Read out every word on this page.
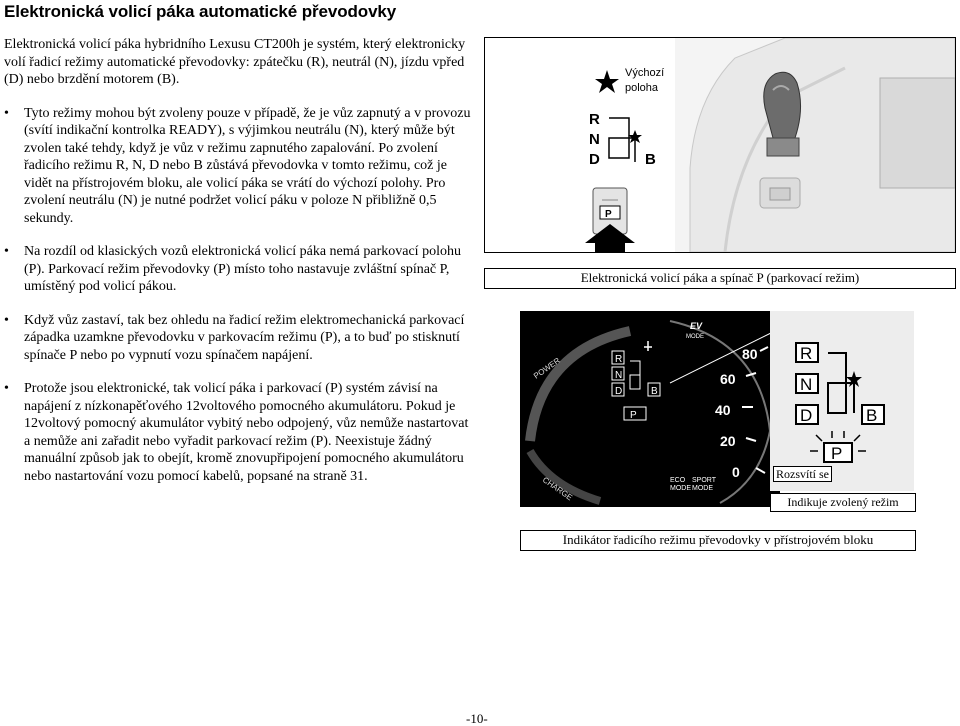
Elektronická volicí páka automatické převodovky

Elektronická volicí páka hybridního Lexusu CT200h je systém, který elektronicky volí řadicí režimy automatické převodovky: zpátečku (R), neutrál (N), jízdu vpřed (D) nebo brzdění motorem (B).

• Tyto režimy mohou být zvoleny pouze v případě, že je vůz zapnutý a v provozu (svítí indikační kontrolka READY), s výjimkou neutrálu (N), který může být zvolen také tehdy, když je vůz v režimu zapnutého zapalování. Po zvolení řadicího režimu R, N, D nebo B zůstává převodovka v tomto režimu, což je vidět na přístrojovém bloku, ale volicí páka se vrátí do výchozí polohy. Pro zvolení neutrálu (N) je nutné podržet volicí páku v poloze N přibližně 0,5 sekundy.
• Na rozdíl od klasických vozů elektronická volicí páka nemá parkovací polohu (P). Parkovací režim převodovky (P) místo toho nastavuje zvláštní spínač P, umístěný pod volicí pákou.
• Když vůz zastaví, tak bez ohledu na řadicí režim elektromechanická parkovací západka uzamkne převodovku v parkovacím režimu (P), a to buď po stisknutí spínače P nebo po vypnutí vozu spínačem napájení.
• Protože jsou elektronické, tak volicí páka i parkovací (P) systém závisí na napájení z nízkonapěťového 12voltového pomocného akumulátoru. Pokud je 12voltový pomocný akumulátor vybitý nebo odpojený, vůz nemůže nastartovat a nemůže ani zařadit nebo vyřadit parkovací režim (P). Neexistuje žádný manuální způsob jak to obejít, kromě znovupřipojení pomocného akumulátoru nebo nastartování vozu pomocí kabelů, popsané na straně 31.
Výchozí
poloha
R
N
D	B
P
Elektronická volicí páka a spínač P (parkovací režim)
POWER
CHARGE
EV
MODE
ECO
MODE
SPORT
MODE
80
60
40
20
0
R
N
D	B
P
R
N
D	B
P
Rozsvítí se
Indikuje zvolený režim
Indikátor řadicího režimu převodovky v přístrojovém bloku
-10-
